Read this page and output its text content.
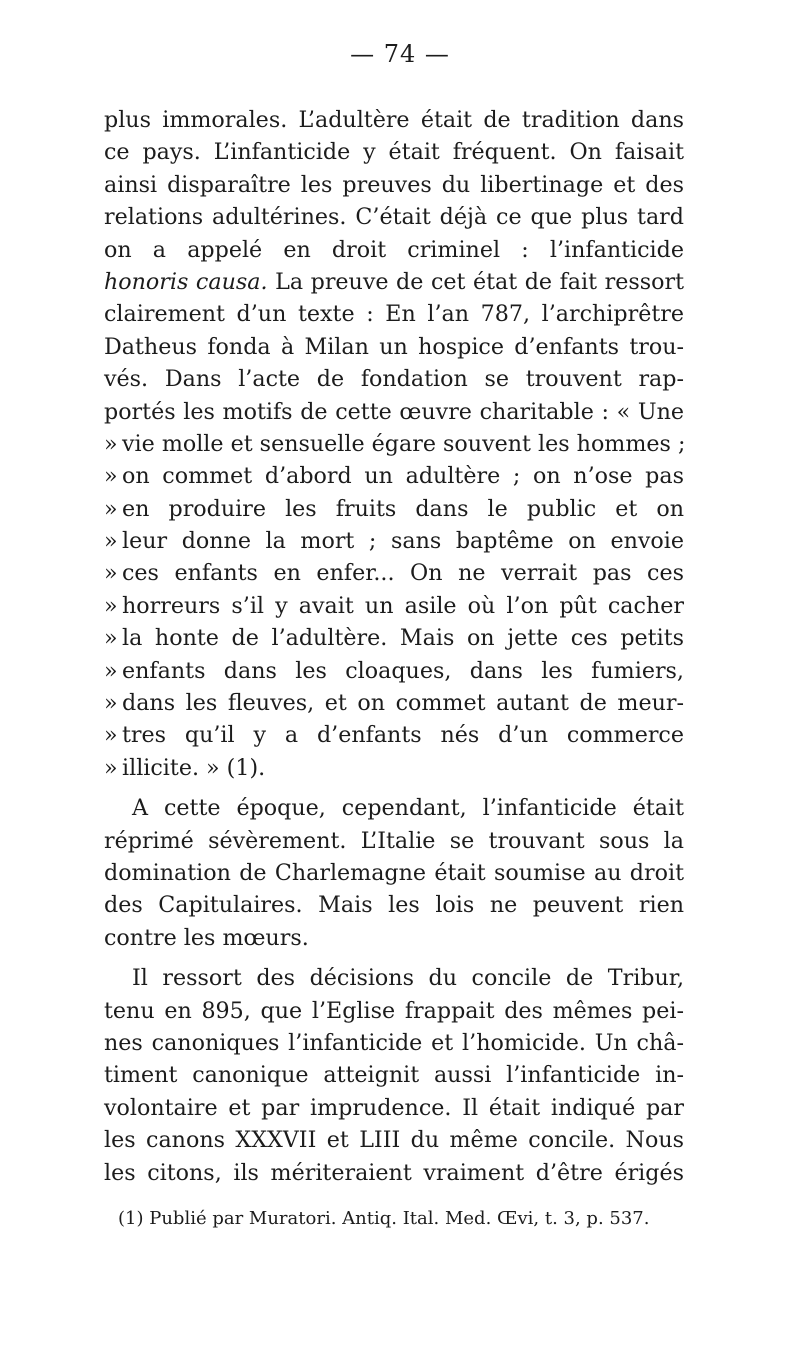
— 74 —
plus immorales. L’adultère était de tradition dans
ce pays. L’infanticide y était fréquent. On faisait
ainsi disparaître les preuves du libertinage et des
relations adultérines. C’était déjà ce que plus tard
on a appelé en droit criminel : l’infanticide
honoris causa. La preuve de cet état de fait ressort
clairement d’un texte : En l’an 787, l’archiprêtre
Datheus fonda à Milan un hospice d’enfants trou-
vés. Dans l’acte de fondation se trouvent rap-
portés les motifs de cette œuvre charitable : « Une
» vie molle et sensuelle égare souvent les hommes ;
» on commet d’abord un adultère ; on n’ose pas
» en produire les fruits dans le public et on
» leur donne la mort ; sans baptême on envoie
» ces enfants en enfer... On ne verrait pas ces
» horreurs s’il y avait un asile où l’on pût cacher
» la honte de l’adultère. Mais on jette ces petits
» enfants dans les cloaques, dans les fumiers,
» dans les fleuves, et on commet autant de meur-
» tres qu’il y a d’enfants nés d’un commerce
» illicite. » (1).
A cette époque, cependant, l’infanticide était
réprimé sévèrement. L’Italie se trouvant sous la
domination de Charlemagne était soumise au droit
des Capitulaires. Mais les lois ne peuvent rien
contre les mœurs.
Il ressort des décisions du concile de Tribur,
tenu en 895, que l’Eglise frappait des mêmes pei-
nes canoniques l’infanticide et l’homicide. Un châ-
timent canonique atteignit aussi l’infanticide in-
volontaire et par imprudence. Il était indiqué par
les canons XXXVII et LIII du même concile. Nous
les citons, ils mériteraient vraiment d’être érigés
(1) Publié par Muratori. Antiq. Ital. Med. Œvi, t. 3, p. 537.
